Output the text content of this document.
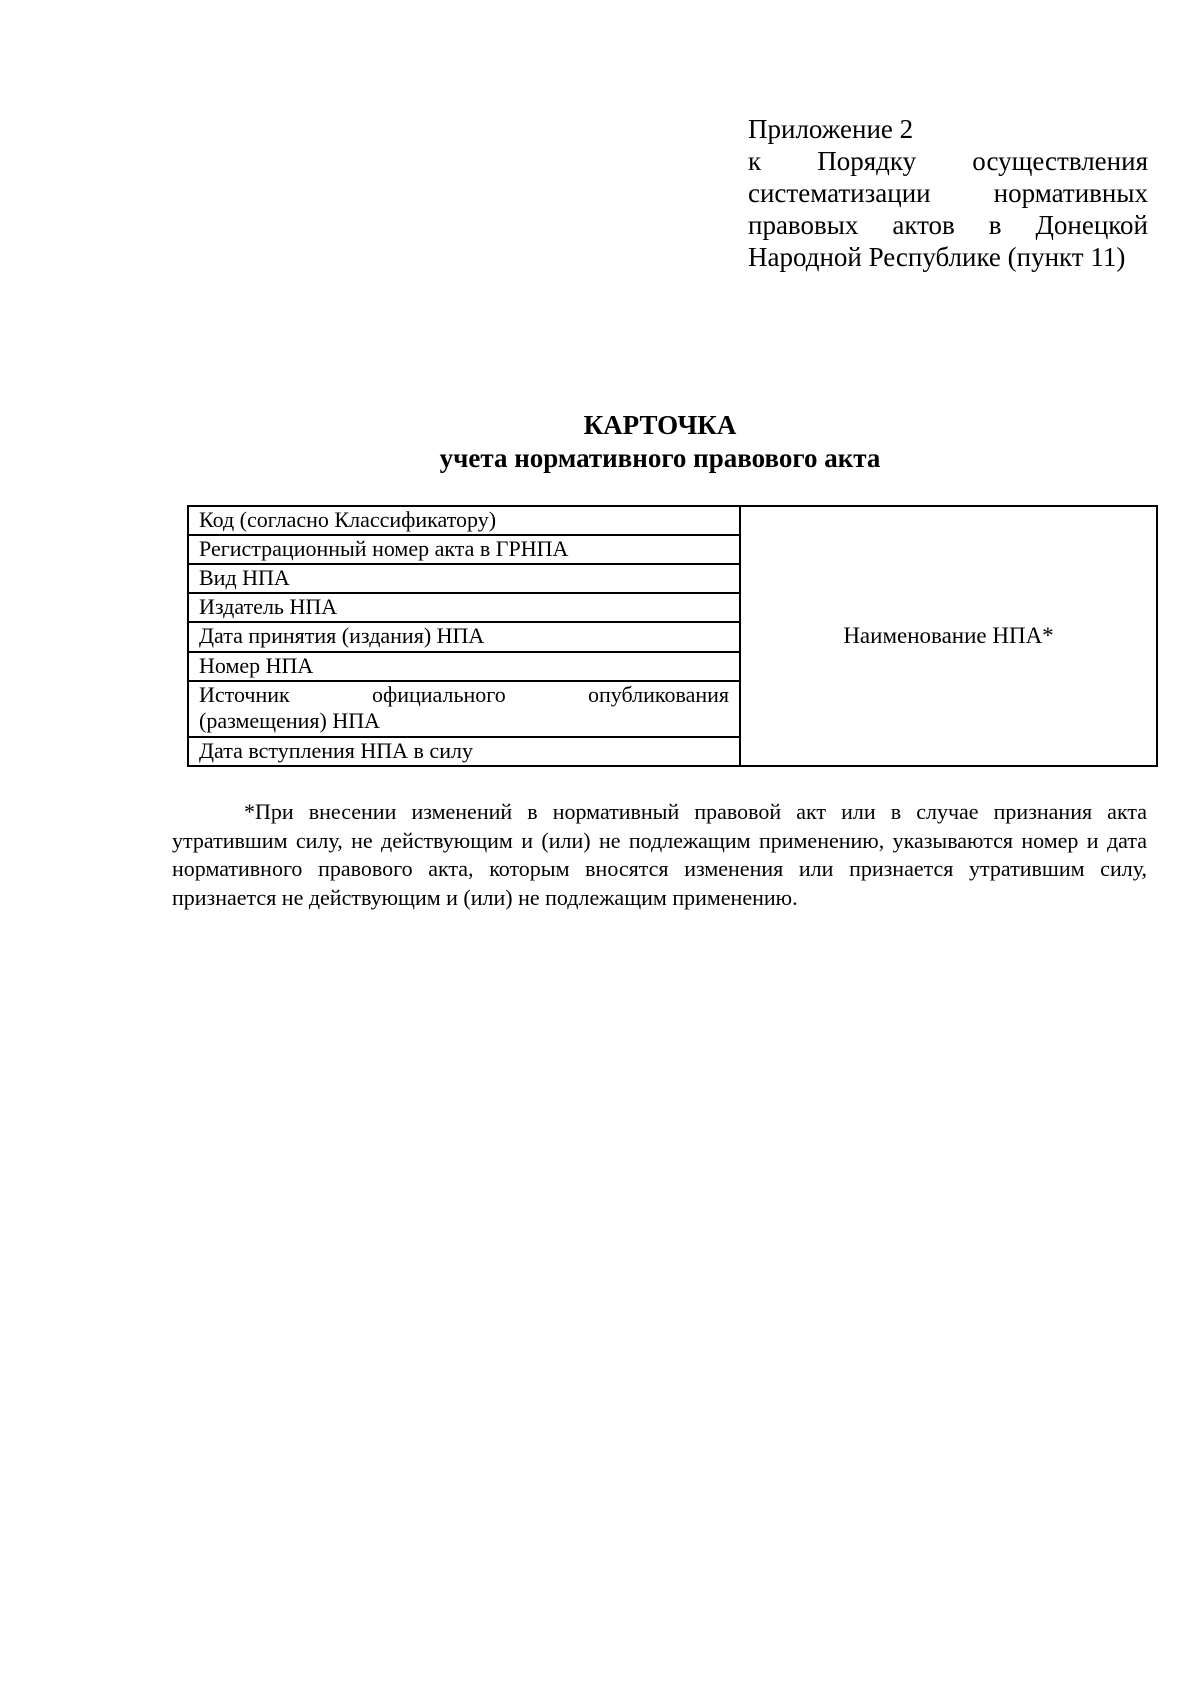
Приложение 2
к Порядку осуществления систематизации нормативных правовых актов в Донецкой Народной Республике (пункт 11)
КАРТОЧКА
учета нормативного правового акта
Код (согласно Классификатору)	Наименование НПА*
Регистрационный номер акта в ГРНПА
Вид НПА
Издатель НПА
Дата принятия (издания) НПА
Номер НПА

Источник официального опубликования
(размещения) НПА
Дата вступления НПА в силу
*При внесении изменений в нормативный правовой акт или в случае признания акта утратившим силу, не действующим и (или) не подлежащим применению, указываются номер и дата нормативного правового акта, которым вносятся изменения или признается утратившим силу, признается не действующим и (или) не подлежащим применению.
